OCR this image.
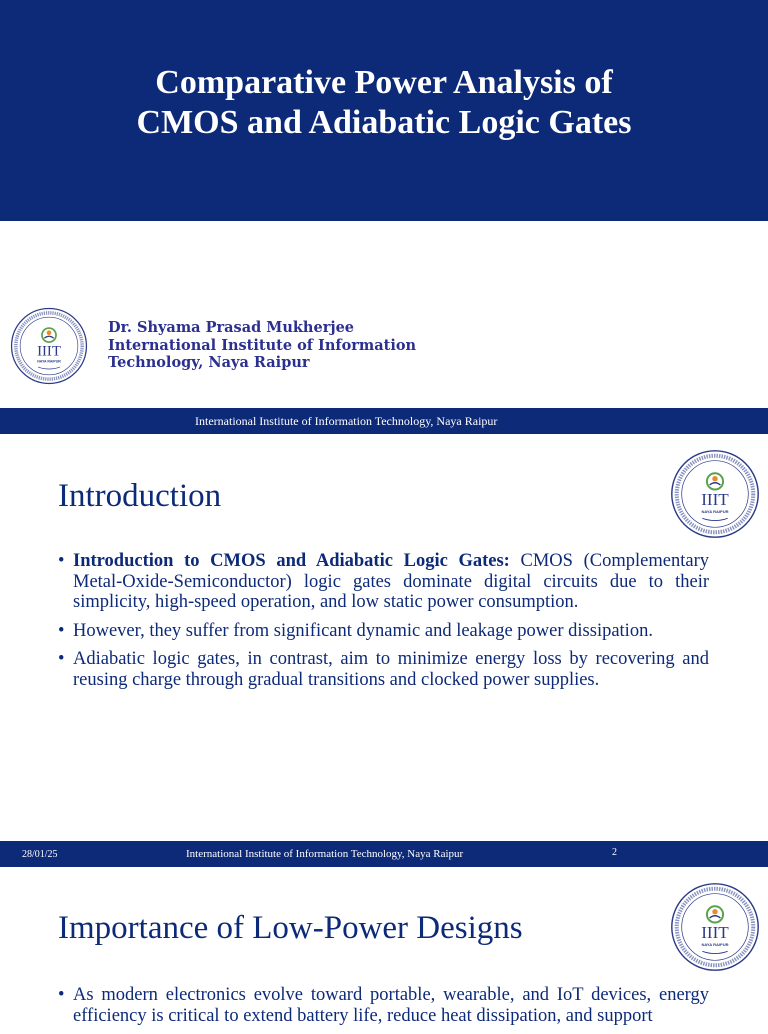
Comparative Power Analysis of
CMOS and Adiabatic Logic Gates
Dr. Shyama Prasad Mukherjee
International Institute of Information
Technology, Naya Raipur
International Institute of Information Technology, Naya Raipur
Introduction
• Introduction to CMOS and Adiabatic Logic Gates: CMOS (Complementary Metal-Oxide-Semiconductor) logic gates dominate digital circuits due to their simplicity, high-speed operation, and low static power consumption.
• However, they suffer from significant dynamic and leakage power dissipation.
• Adiabatic logic gates, in contrast, aim to minimize energy loss by recovering and reusing charge through gradual transitions and clocked power supplies.
28/01/25	International Institute of Information Technology, Naya Raipur	2
Importance of Low-Power Designs
• As modern electronics evolve toward portable, wearable, and IoT devices, energy efficiency is critical to extend battery life, reduce heat dissipation, and support
